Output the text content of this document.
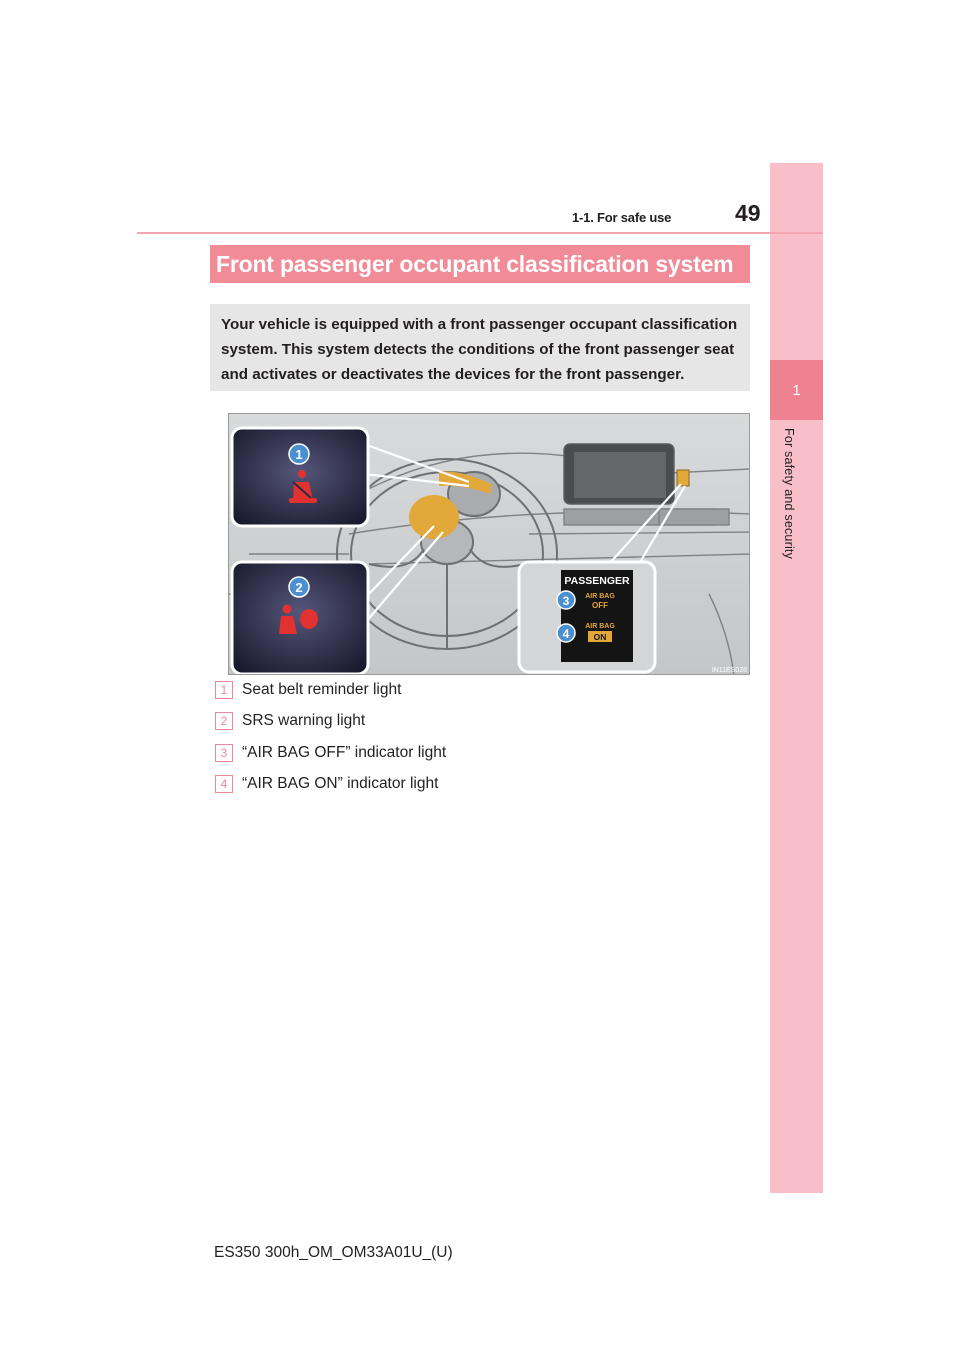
1
For safety and security
1-1. For safe use	49
Front passenger occupant classification system
Your vehicle is equipped with a front passenger occupant classification system. This system detects the conditions of the front passenger seat and activates or deactivates the devices for the front passenger.
1
2	PASSENGER
AIR BAG
OFF
AIR BAG
ON
3
4
IN11ES028
1 Seat belt reminder light
2 SRS warning light
3 “AIR BAG OFF” indicator light
4 “AIR BAG ON” indicator light
ES350 300h_OM_OM33A01U_(U)
